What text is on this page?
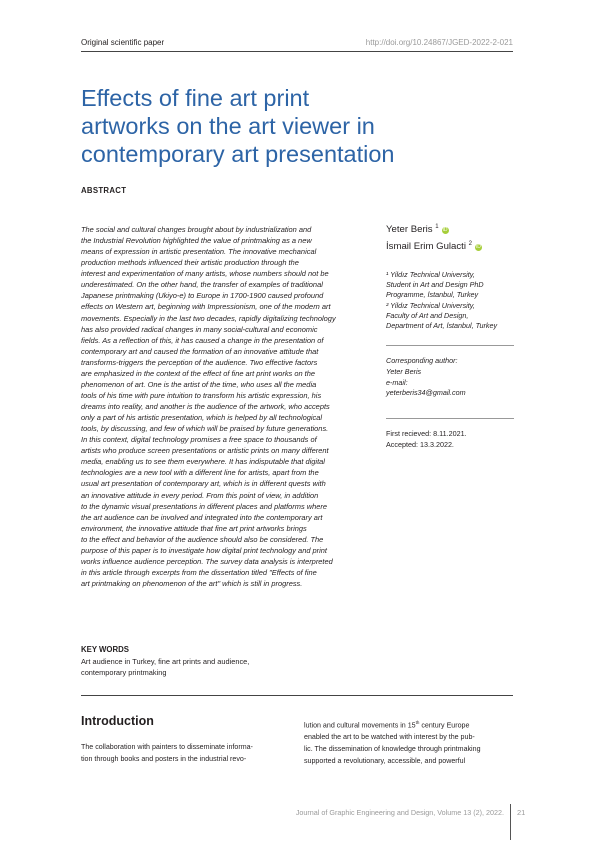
Original scientific paper	http://doi.org/10.24867/JGED-2022-2-021
Effects of fine art print
artworks on the art viewer in
contemporary art presentation
ABSTRACT

The social and cultural changes brought about by industrialization and

the Industrial Revolution highlighted the value of printmaking as a new

means of expression in artistic presentation. The innovative mechanical

production methods influenced their artistic production through the

interest and experimentation of many artists, whose numbers should not be

underestimated. On the other hand, the transfer of examples of traditional

Japanese printmaking (Ukiyo-e) to Europe in 1700-1900 caused profound

effects on Western art, beginning with Impressionism, one of the modern art

movements. Especially in the last two decades, rapidly digitalizing technology

has also provided radical changes in many social-cultural and economic

fields. As a reflection of this, it has caused a change in the presentation of

contemporary art and caused the formation of an innovative attitude that

transforms-triggers the perception of the audience. Two effective factors

are emphasized in the context of the effect of fine art print works on the

phenomenon of art. One is the artist of the time, who uses all the media

tools of his time with pure intuition to transform his artistic expression, his

dreams into reality, and another is the audience of the artwork, who accepts

only a part of his artistic presentation, which is helped by all technological

tools, by discussing, and few of which will be praised by future generations.

In this context, digital technology promises a free space to thousands of

artists who produce screen presentations or artistic prints on many different

media, enabling us to see them everywhere. It has indisputable that digital

technologies are a new tool with a different line for artists, apart from the

usual art presentation of contemporary art, which is in different quests with

an innovative attitude in every period. From this point of view, in addition

to the dynamic visual presentations in different places and platforms where

the art audience can be involved and integrated into the contemporary art

environment, the innovative attitude that fine art print artworks brings

to the effect and behavior of the audience should also be considered. The

purpose of this paper is to investigate how digital print technology and print

works influence audience perception. The survey data analysis is interpreted

in this article through excerpts from the dissertation titled "Effects of fine

art printmaking on phenomenon of the art" which is still in progress.

Yeter Beris $^1$iD
İsmail Erim Gulacti $^2$iD

¹ Yildız Technical University,

Student in Art and Design PhD

Programme, İstanbul, Turkey

² Yildız Technical University,

Faculty of Art and Design,

Department of Art, İstanbul, Turkey

Corresponding author:
Yeter Beris
e-mail:
yeterberis34@gmail.com
First recieved: 8.11.2021.
Accepted: 13.3.2022.
KEY WORDS
Art audience in Turkey, fine art prints and audience,
contemporary printmaking
Introduction

The collaboration with painters to disseminate informa-

tion through books and posters in the industrial revo-

lution and cultural movements in 15th century Europe

enabled the art to be watched with interest by the pub-

lic. The dissemination of knowledge through printmaking

supported a revolutionary, accessible, and powerful

Journal of Graphic Engineering and Design, Volume 13 (2), 2022. 21
